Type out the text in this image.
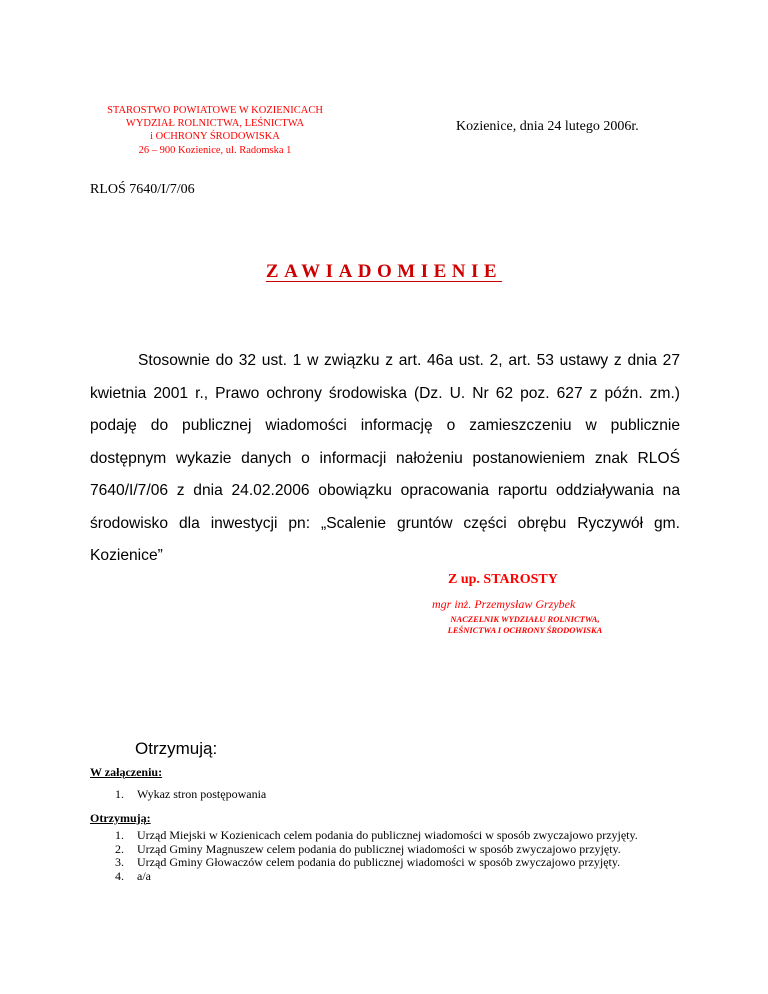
STAROSTWO POWIATOWE W KOZIENICACH
WYDZIAŁ ROLNICTWA, LEŚNICTWA
i OCHRONY ŚRODOWISKA
26 – 900 Kozienice, ul. Radomska 1
Kozienice, dnia 24 lutego 2006r.
RLOŚ 7640/I/7/06
ZAWIADOMIENIE

Stosownie do 32 ust. 1 w związku z art. 46a ust. 2, art. 53 ustawy z dnia 27 kwietnia 2001 r., Prawo ochrony środowiska (Dz. U. Nr 62 poz. 627 z późn. zm.) podaję do publicznej wiadomości informację o zamieszczeniu w publicznie dostępnym wykazie danych o informacji nałożeniu postanowieniem znak RLOŚ 7640/I/7/06 z dnia 24.02.2006 obowiązku opracowania raportu oddziaływania na środowisko dla inwestycji pn: „Scalenie gruntów części obrębu Ryczywół gm. Kozienice”

Z up. STAROSTY
mgr inż. Przemysław Grzybek
NACZELNIK WYDZIAŁU ROLNICTWA,
LEŚNICTWA I OCHRONY ŚRODOWISKA
Otrzymują:
W załączeniu:
1. Wykaz stron postępowania
Otrzymują:
1. Urząd Miejski w Kozienicach celem podania do publicznej wiadomości w sposób zwyczajowo przyjęty.
2. Urząd Gminy Magnuszew celem podania do publicznej wiadomości w sposób zwyczajowo przyjęty.
3. Urząd Gminy Głowaczów celem podania do publicznej wiadomości w sposób zwyczajowo przyjęty.
4. a/a
